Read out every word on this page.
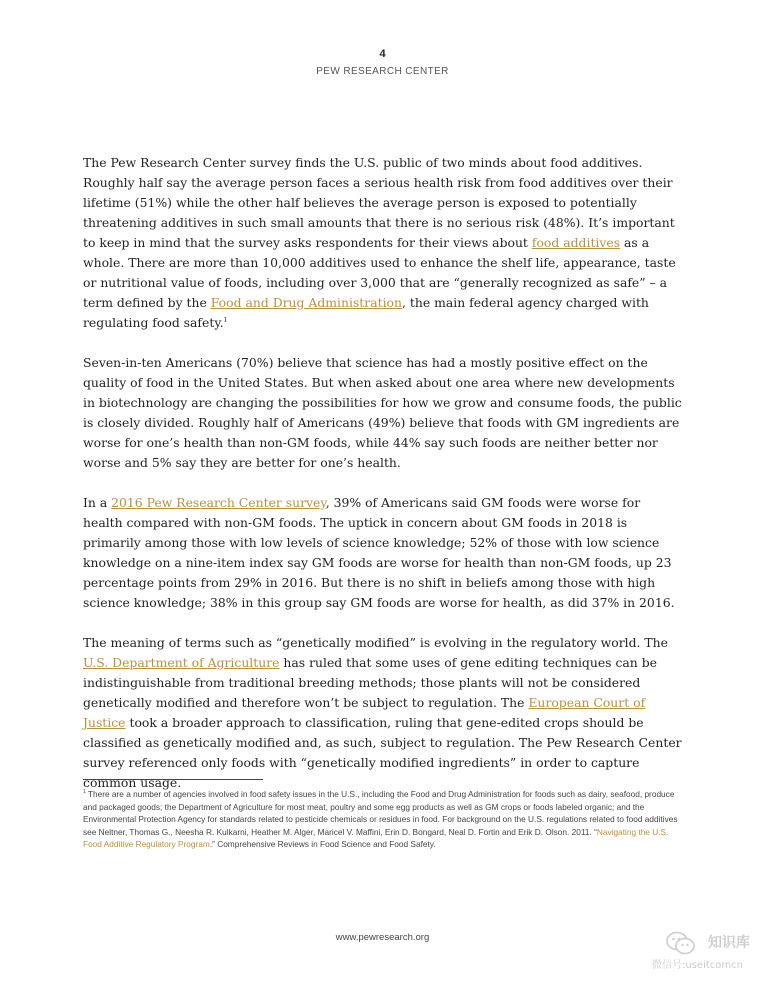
4
PEW RESEARCH CENTER

The Pew Research Center survey finds the U.S. public of two minds about food additives. Roughly half say the average person faces a serious health risk from food additives over their lifetime (51%) while the other half believes the average person is exposed to potentially threatening additives in such small amounts that there is no serious risk (48%). It’s important to keep in mind that the survey asks respondents for their views about food additives as a whole. There are more than 10,000 additives used to enhance the shelf life, appearance, taste or nutritional value of foods, including over 3,000 that are “generally recognized as safe” – a term defined by the Food and Drug Administration, the main federal agency charged with regulating food safety.$^1$

Seven-in-ten Americans (70%) believe that science has had a mostly positive effect on the quality of food in the United States. But when asked about one area where new developments in biotechnology are changing the possibilities for how we grow and consume foods, the public is closely divided. Roughly half of Americans (49%) believe that foods with GM ingredients are worse for one’s health than non-GM foods, while 44% say such foods are neither better nor worse and 5% say they are better for one’s health.

In a 2016 Pew Research Center survey, 39% of Americans said GM foods were worse for health compared with non-GM foods. The uptick in concern about GM foods in 2018 is primarily among those with low levels of science knowledge; 52% of those with low science knowledge on a nine-item index say GM foods are worse for health than non-GM foods, up 23 percentage points from 29% in 2016. But there is no shift in beliefs among those with high science knowledge; 38% in this group say GM foods are worse for health, as did 37% in 2016.

The meaning of terms such as “genetically modified” is evolving in the regulatory world. The U.S. Department of Agriculture has ruled that some uses of gene editing techniques can be indistinguishable from traditional breeding methods; those plants will not be considered genetically modified and therefore won’t be subject to regulation. The European Court of Justice took a broader approach to classification, ruling that gene-edited crops should be classified as genetically modified and, as such, subject to regulation. The Pew Research Center survey referenced only foods with “genetically modified ingredients” in order to capture common usage.

$^1$ There are a number of agencies involved in food safety issues in the U.S., including the Food and Drug Administration for foods such as dairy, seafood, produce and packaged goods; the Department of Agriculture for most meat, poultry and some egg products as well as GM crops or foods labeled organic; and the Environmental Protection Agency for standards related to pesticide chemicals or residues in food. For background on the U.S. regulations related to food additives see Neltner, Thomas G., Neesha R. Kulkarni, Heather M. Alger, Maricel V. Maffini, Erin D. Bongard, Neal D. Fortin and Erik D. Olson. 2011. “Navigating the U.S. Food Additive Regulatory Program.” Comprehensive Reviews in Food Science and Food Safety.
www.pewresearch.org	知识库
微信号:useitcomcn
